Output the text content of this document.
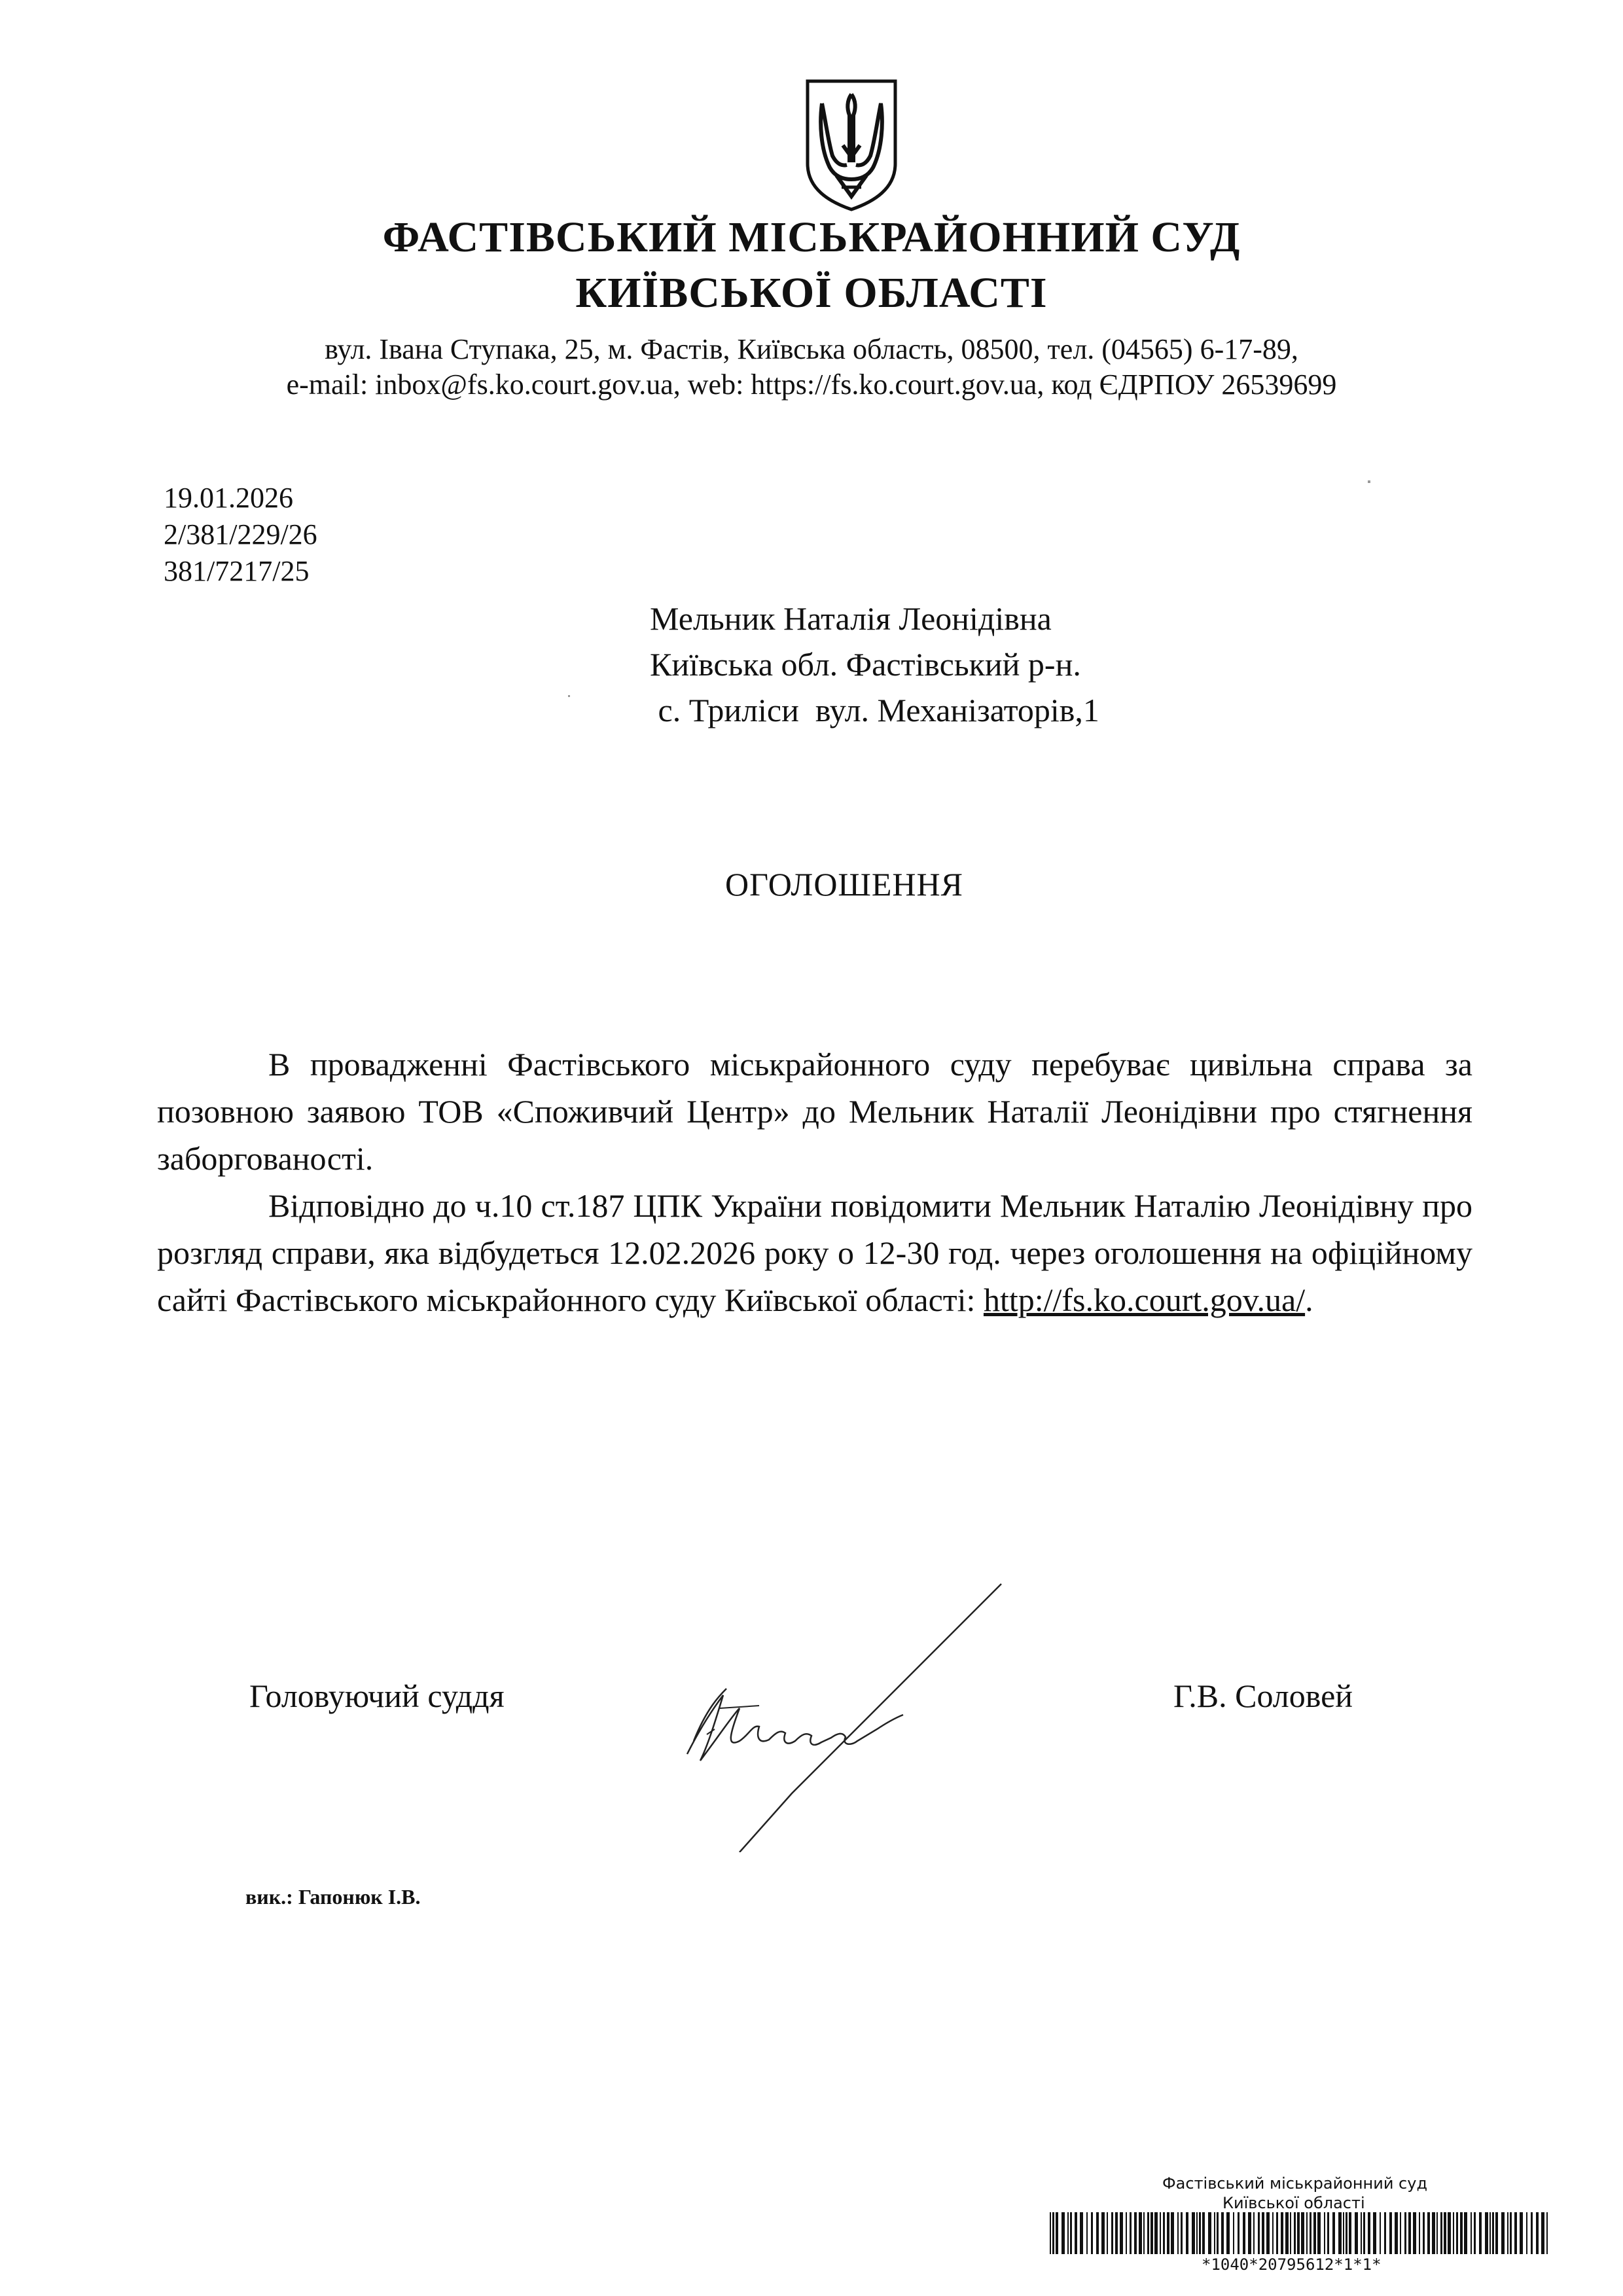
ФАСТІВСЬКИЙ МІСЬКРАЙОННИЙ СУД
КИЇВСЬКОЇ ОБЛАСТІ
вул. Івана Ступака, 25, м. Фастів, Київська область, 08500, тел. (04565) 6-17-89,
e-mail: inbox@fs.ko.court.gov.ua, web: https://fs.ko.court.gov.ua, код ЄДРПОУ 26539699
19.01.2026
2/381/229/26
381/7217/25
Мельник Наталія Леонідівна
Київська обл. Фастівський р-н.
с. Триліси  вул. Механізаторів,1
ОГОЛОШЕННЯ

В провадженні Фастівського міськрайонного суду перебуває цивільна справа за позовною заявою ТОВ «Споживчий Центр» до Мельник Наталії Леонідівни про стягнення заборгованості.

Відповідно до ч.10 ст.187 ЦПК України повідомити Мельник Наталію Леонідівну про розгляд справи, яка відбудеться 12.02.2026 року о 12-30 год. через оголошення на офіційному сайті Фастівського міськрайонного суду Київської області: http://fs.ko.court.gov.ua/.

Головуючий суддя	Г.В. Соловей
вик.: Гапонюк І.В.
Фастівський міськрайонний суд
Київської області
*1040*20795612*1*1*
